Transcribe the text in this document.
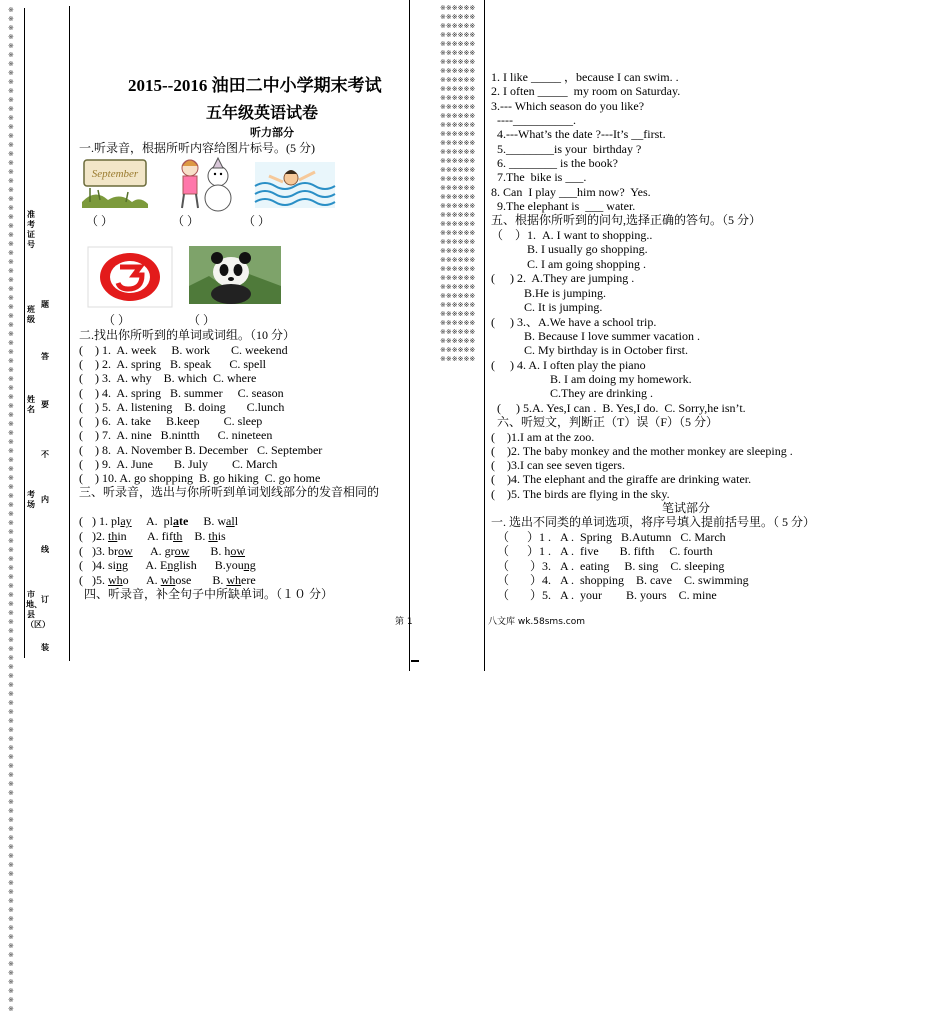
※※※※※※※※※※※※※※※※※※※※※※※※※※※※※※※※※※※※※※※※※※※※※※※※※※※※※※※※※※※※※※※※※※※※※※※※※※※※※※※※※※※※※※※※※※※※※※※※※※※※※※※※※※※※※※※※
准考证号
班级
题
答
姓名
要
不
考场
内
线
订
市地、县（区）
装
※※※※※※※※※※※※※※※※※※※※※※※※※※※※※※※※※※※※※※※※※※※※※※※※※※※※※※※※※※※※※※※※※※※※※※※※※※※※※※※※※※※※※※※※※※※※※※※※※※※※※※※※※※※※※※※※※※※※※※※※※※※※※※※※※※※※※※※※※※※※※※※※※※※※※※※※※※※※※※※※※※※※※※※※※※※※※※※※※※※※※※※※※※※※※※※※※※※※※※※※※※※※※※※※※※※※※※※※※※※※※※※※※※※※※※※※※※※※※※※※
2015--2016 油田二中小学期末考试
五年级英语试卷
听力部分
一.听录音，根据所听内容给图片标号。(5 分)
September
（ ）	（ ）	（ ）
（ ）	（ ）
二.找出你所听到的单词或词组。（10 分）
(    ) 1.  A. week     B. work       C. weekend
(    ) 2.  A. spring   B. speak      C. spell
(    ) 3.  A. why    B. which  C. where
(    ) 4.  A. spring   B. summer     C. season
(    ) 5.  A. listening    B. doing       C.lunch
(    ) 6.  A. take     B.keep        C. sleep
(    ) 7.  A. nine   B.nintth      C. nineteen
(    ) 8.  A. November B. December   C. September
(    ) 9.  A. June       B. July        C. March
(    ) 10. A. go shopping  B. go hiking  C. go home
三、听录音，选出与你所听到单词划线部分的发音相同的
(   ) 1. play     A.  plate     B. wall
(   )2. thin       A. fifth    B. this
(   )3. brow      A. grow       B. how
(   )4. sing      A. English      B.young
(   )5. who      A. whose       B. where
四、听录音，补全句子中所缺单词。（１０ 分）
1. I like _____ ，because I can swim. .
2. I often _____  my room on Saturday.
3.--- Which season do you like?
----__________.
4.---What’s the date ?---It’s __first.
5.________is your  birthday ?
6. ________ is the book?
7.The  bike is ___.
8. Can  I play ___him now?  Yes.
9.The elephant is  ___ water.
五、根据你所听到的问句,选择正确的答句。（5 分）
（    ）1.  A. I want to shopping..
B. I usually go shopping.
C. I am going shopping .
(     ) 2.  A.They are jumping .
B.He is jumping.
C. It is jumping.
(     ) 3.、A.We have a school trip.
B. Because I love summer vacation .
C. My birthday is in October first.
(     ) 4. A. I often play the piano
B. I am doing my homework.
C.They are drinking .
(     ) 5.A. Yes,I can .  B. Yes,I do.  C. Sorry,he isn’t.
六、听短文，判断正（T）误（F）（5 分）
(    )1.I am at the zoo.
(    )2. The baby monkey and the mother monkey are sleeping .
(    )3.I can see seven tigers.
(    )4. The elephant and the giraffe are drinking water.
(    )5. The birds are flying in the sky.
笔试部分
一. 选出不同类的单词选项，将序号填入提前括号里。（ 5 分）
（      ）1 .   A .  Spring   B.Autumn   C. March
（      ）1 .   A .  five       B. fifth     C. fourth
（       ）3.   A .  eating     B. sing    C. sleeping
（       ）4.   A .  shopping    B. cave    C. swimming
（       ）5.   A .  your        B. yours    C. mine
第 1	八文库 wk.58sms.com
